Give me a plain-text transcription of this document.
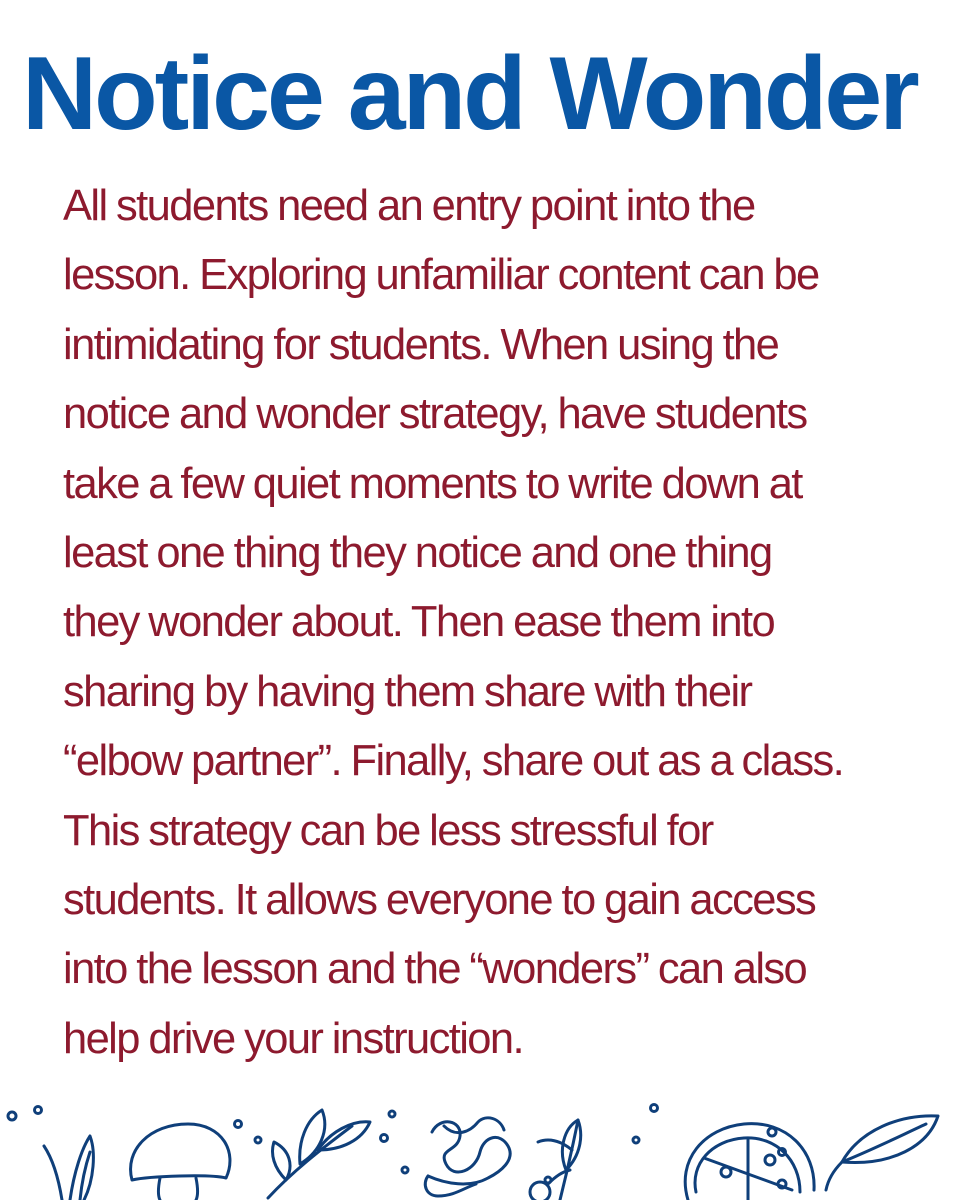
Notice and Wonder

All students need an entry point into the
lesson. Exploring unfamiliar content can be
intimidating for students. When using the
notice and wonder strategy, have students
take a few quiet moments to write down at
least one thing they notice and one thing
they wonder about. Then ease them into
sharing by having them share with their
“elbow partner”. Finally, share out as a class.
This strategy can be less stressful for
students. It allows everyone to gain access
into the lesson and the “wonders” can also
help drive your instruction.
